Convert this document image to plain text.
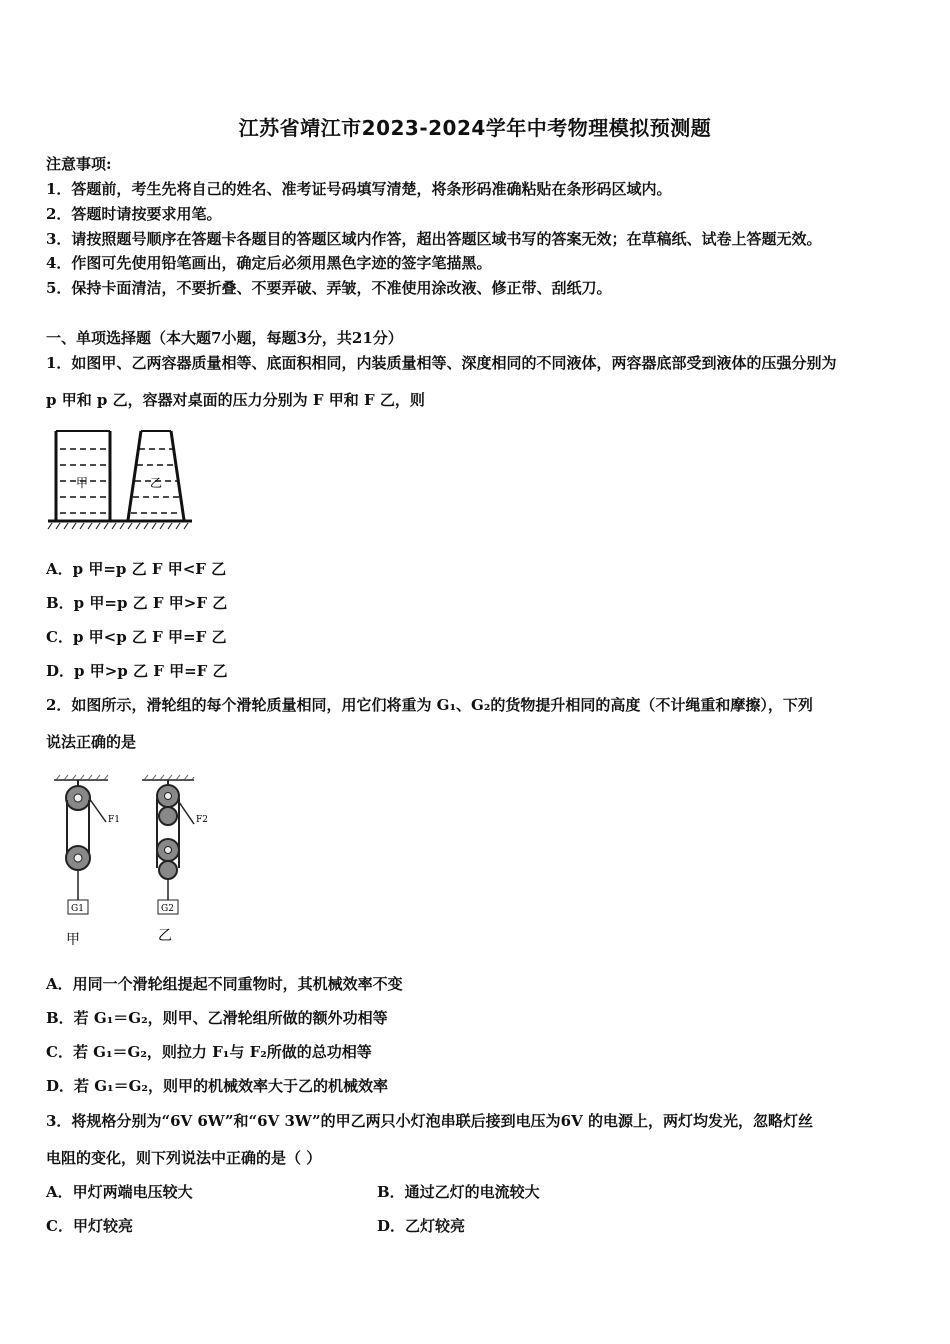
江苏省靖江市2023-2024学年中考物理模拟预测题
注意事项:
1．答题前，考生先将自己的姓名、准考证号码填写清楚，将条形码准确粘贴在条形码区域内。
2．答题时请按要求用笔。
3．请按照题号顺序在答题卡各题目的答题区域内作答，超出答题区域书写的答案无效；在草稿纸、试卷上答题无效。
4．作图可先使用铅笔画出，确定后必须用黑色字迹的签字笔描黑。
5．保持卡面清洁，不要折叠、不要弄破、弄皱，不准使用涂改液、修正带、刮纸刀。
一、单项选择题（本大题7小题，每题3分，共21分）
1．如图甲、乙两容器质量相等、底面积相同，内装质量相等、深度相同的不同液体，两容器底部受到液体的压强分别为
p 甲和 p 乙，容器对桌面的压力分别为 F 甲和 F 乙，则
甲	乙
A．p 甲=p 乙 F 甲<F 乙
B．p 甲=p 乙 F 甲>F 乙
C．p 甲<p 乙 F 甲=F 乙
D．p 甲>p 乙 F 甲=F 乙
2．如图所示，滑轮组的每个滑轮质量相同，用它们将重为 G₁、G₂的货物提升相同的高度（不计绳重和摩擦），下列
说法正确的是
F1
G1
F2
G2
甲	乙
A．用同一个滑轮组提起不同重物时，其机械效率不变
B．若 G₁＝G₂，则甲、乙滑轮组所做的额外功相等
C．若 G₁＝G₂，则拉力 F₁与 F₂所做的总功相等
D．若 G₁＝G₂，则甲的机械效率大于乙的机械效率
3．将规格分别为“6V 6W”和“6V 3W”的甲乙两只小灯泡串联后接到电压为6V 的电源上，两灯均发光，忽略灯丝
电阻的变化，则下列说法中正确的是（ ）
A．甲灯两端电压较大	B．通过乙灯的电流较大
C．甲灯较亮	D．乙灯较亮
